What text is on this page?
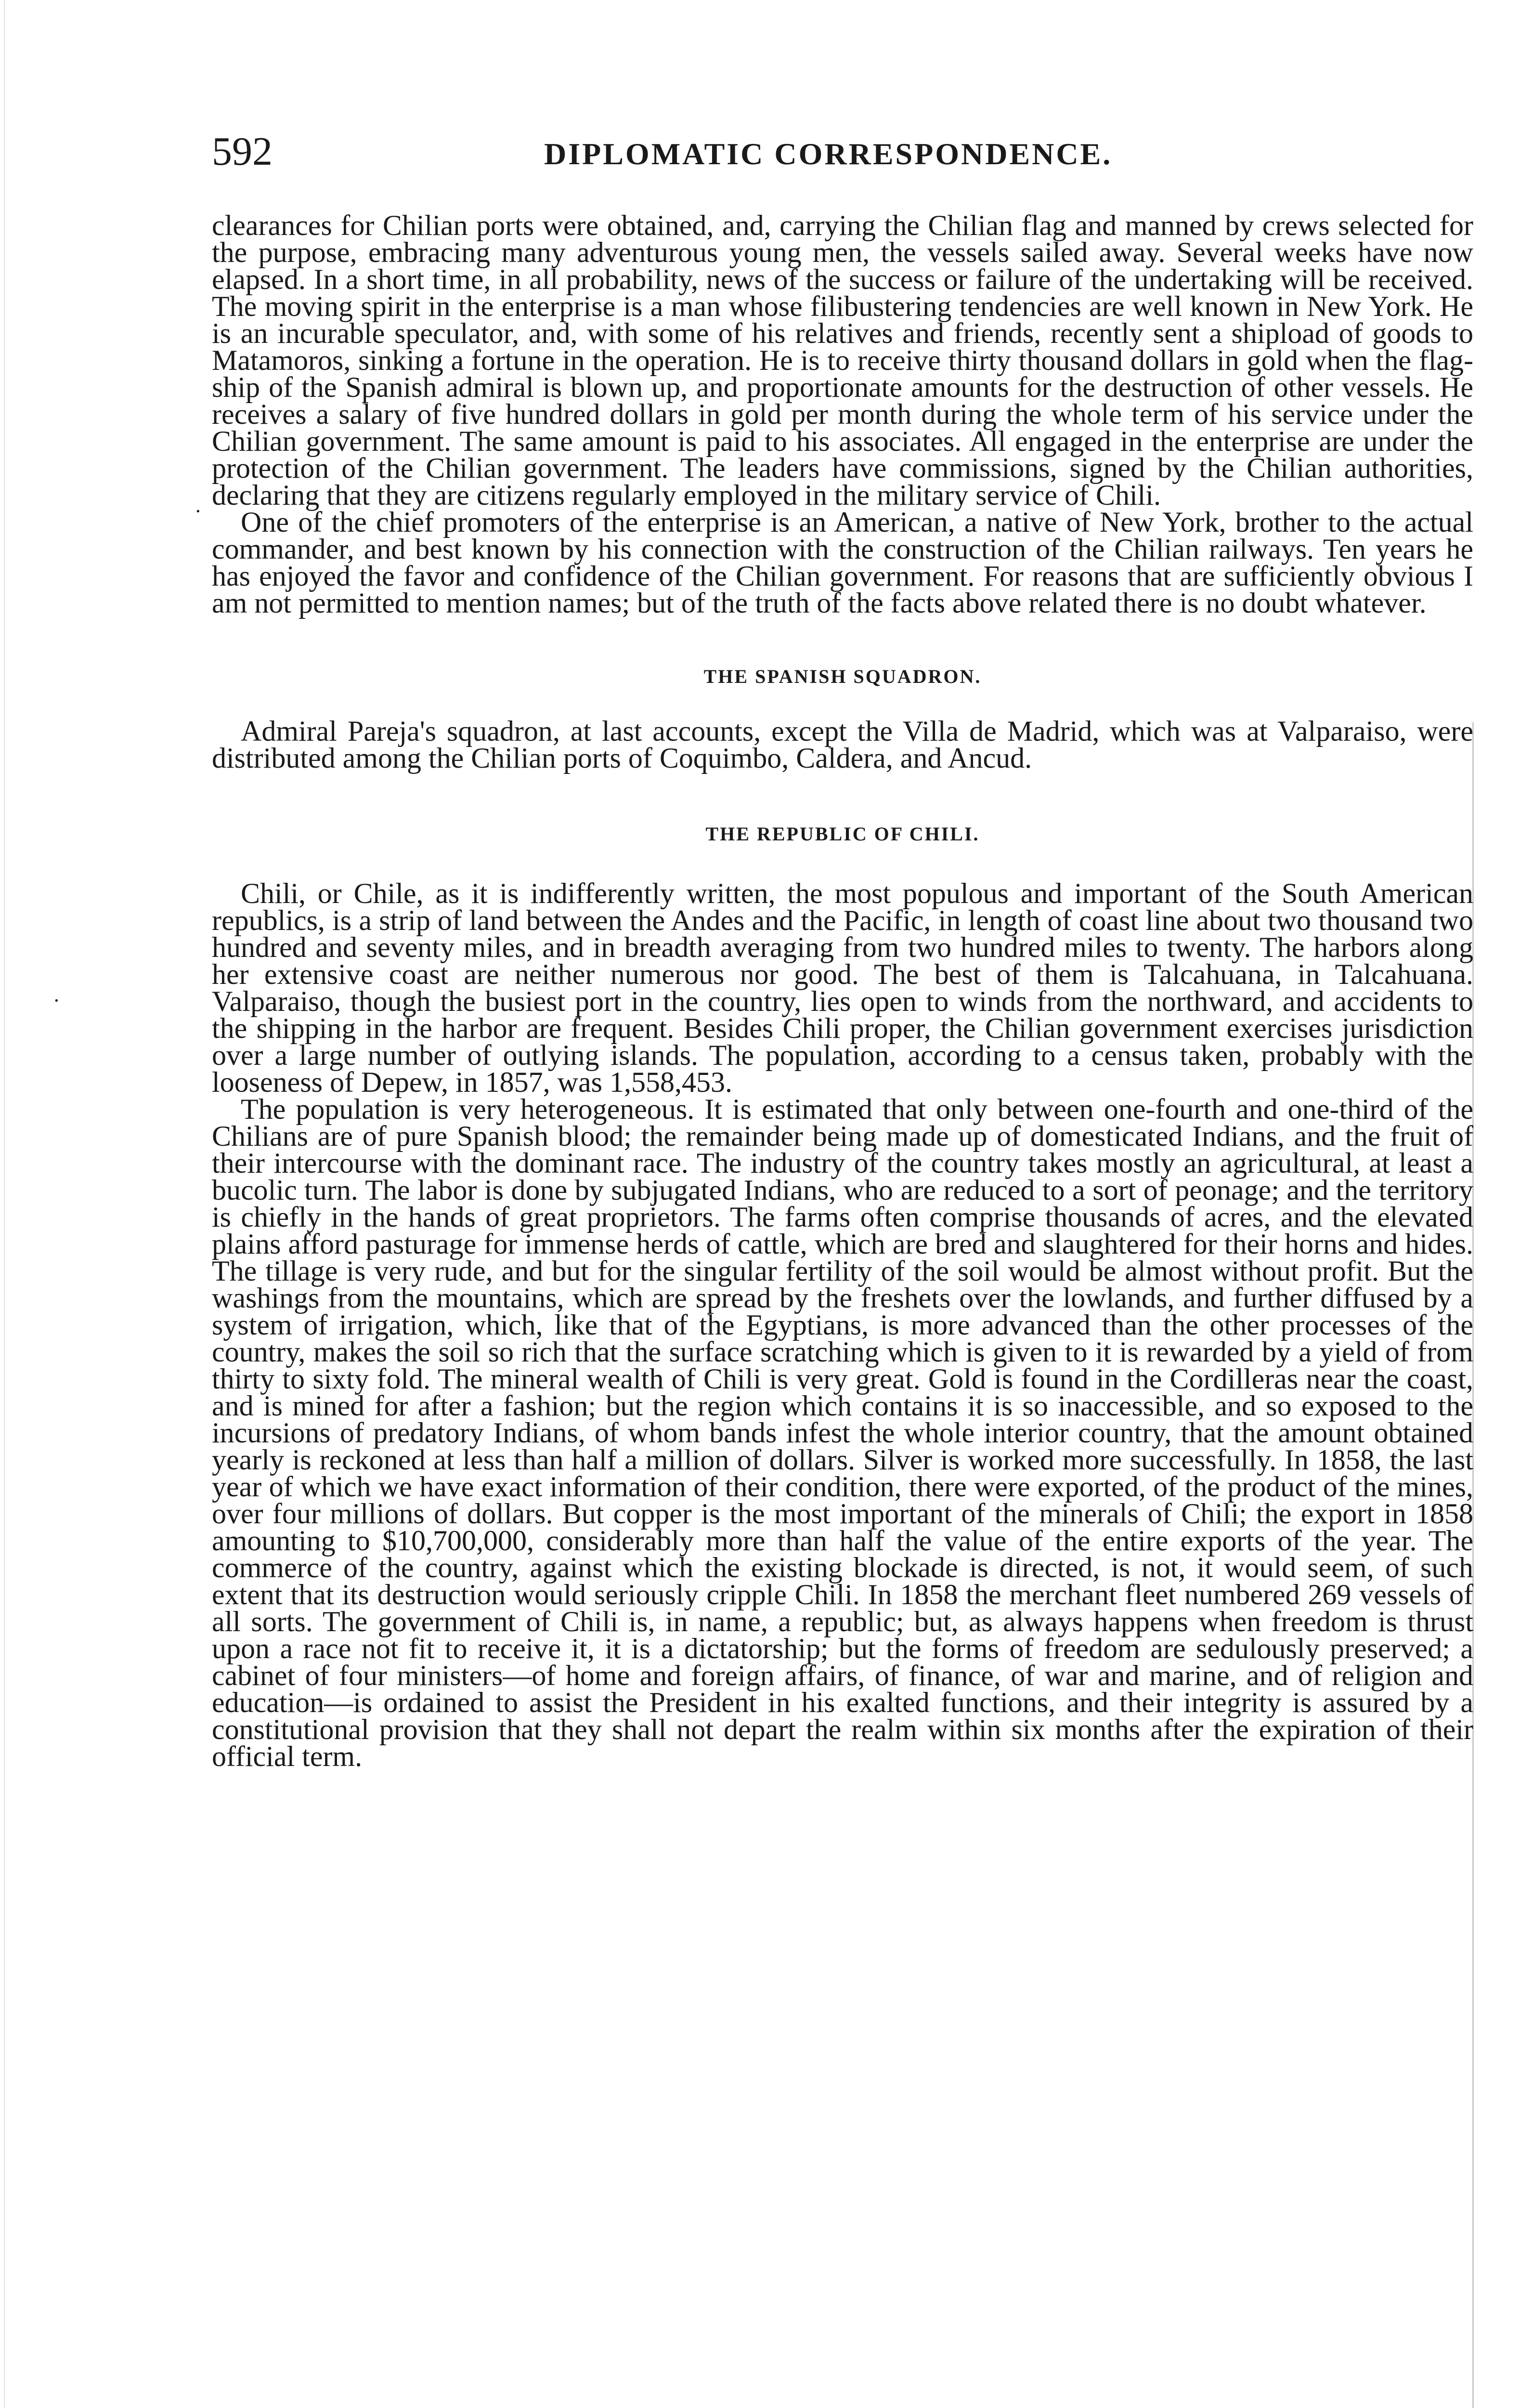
592	DIPLOMATIC CORRESPONDENCE.
·
·

clearances for Chilian ports were obtained, and, carrying the Chilian flag and manned by crews selected for the purpose, embracing many adventurous young men, the vessels sailed away. Several weeks have now elapsed. In a short time, in all probability, news of the success or failure of the undertaking will be received. The moving spirit in the enterprise is a man whose filibustering tendencies are well known in New York. He is an incurable speculator, and, with some of his relatives and friends, recently sent a shipload of goods to Matamoros, sinking a fortune in the operation. He is to receive thirty thousand dollars in gold when the flag-ship of the Spanish admiral is blown up, and proportionate amounts for the destruction of other vessels. He receives a salary of five hundred dollars in gold per month during the whole term of his service under the Chilian government. The same amount is paid to his associates. All engaged in the enterprise are under the protection of the Chilian government. The leaders have commissions, signed by the Chilian authorities, declaring that they are citizens regularly employed in the military service of Chili.

One of the chief promoters of the enterprise is an American, a native of New York, brother to the actual commander, and best known by his connection with the construction of the Chilian railways. Ten years he has enjoyed the favor and confidence of the Chilian government. For reasons that are sufficiently obvious I am not permitted to mention names; but of the truth of the facts above related there is no doubt whatever.

THE SPANISH SQUADRON.

Admiral Pareja's squadron, at last accounts, except the Villa de Madrid, which was at Valparaiso, were distributed among the Chilian ports of Coquimbo, Caldera, and Ancud.

THE REPUBLIC OF CHILI.

Chili, or Chile, as it is indifferently written, the most populous and important of the South American republics, is a strip of land between the Andes and the Pacific, in length of coast line about two thousand two hundred and seventy miles, and in breadth averaging from two hundred miles to twenty. The harbors along her extensive coast are neither numerous nor good. The best of them is Talcahuana, in Talcahuana. Valparaiso, though the busiest port in the country, lies open to winds from the northward, and accidents to the shipping in the harbor are frequent. Besides Chili proper, the Chilian government exercises jurisdiction over a large number of outlying islands. The population, according to a census taken, probably with the looseness of Depew, in 1857, was 1,558,453.

The population is very heterogeneous. It is estimated that only between one-fourth and one-third of the Chilians are of pure Spanish blood; the remainder being made up of domesticated Indians, and the fruit of their intercourse with the dominant race. The industry of the country takes mostly an agricultural, at least a bucolic turn. The labor is done by subjugated Indians, who are reduced to a sort of peonage; and the territory is chiefly in the hands of great proprietors. The farms often comprise thousands of acres, and the elevated plains afford pasturage for immense herds of cattle, which are bred and slaughtered for their horns and hides. The tillage is very rude, and but for the singular fertility of the soil would be almost without profit. But the washings from the mountains, which are spread by the freshets over the lowlands, and further diffused by a system of irrigation, which, like that of the Egyptians, is more advanced than the other processes of the country, makes the soil so rich that the surface scratching which is given to it is rewarded by a yield of from thirty to sixty fold. The mineral wealth of Chili is very great. Gold is found in the Cordilleras near the coast, and is mined for after a fashion; but the region which contains it is so inaccessible, and so exposed to the incursions of predatory Indians, of whom bands infest the whole interior country, that the amount obtained yearly is reckoned at less than half a million of dollars. Silver is worked more successfully. In 1858, the last year of which we have exact information of their condition, there were exported, of the product of the mines, over four millions of dollars. But copper is the most important of the minerals of Chili; the export in 1858 amounting to $10,700,000, considerably more than half the value of the entire exports of the year. The commerce of the country, against which the existing blockade is directed, is not, it would seem, of such extent that its destruction would seriously cripple Chili. In 1858 the merchant fleet numbered 269 vessels of all sorts. The government of Chili is, in name, a republic; but, as always happens when freedom is thrust upon a race not fit to receive it, it is a dictatorship; but the forms of freedom are sedulously preserved; a cabinet of four ministers—of home and foreign affairs, of finance, of war and marine, and of religion and education—is ordained to assist the President in his exalted functions, and their integrity is assured by a constitutional provision that they shall not depart the realm within six months after the expiration of their official term.
